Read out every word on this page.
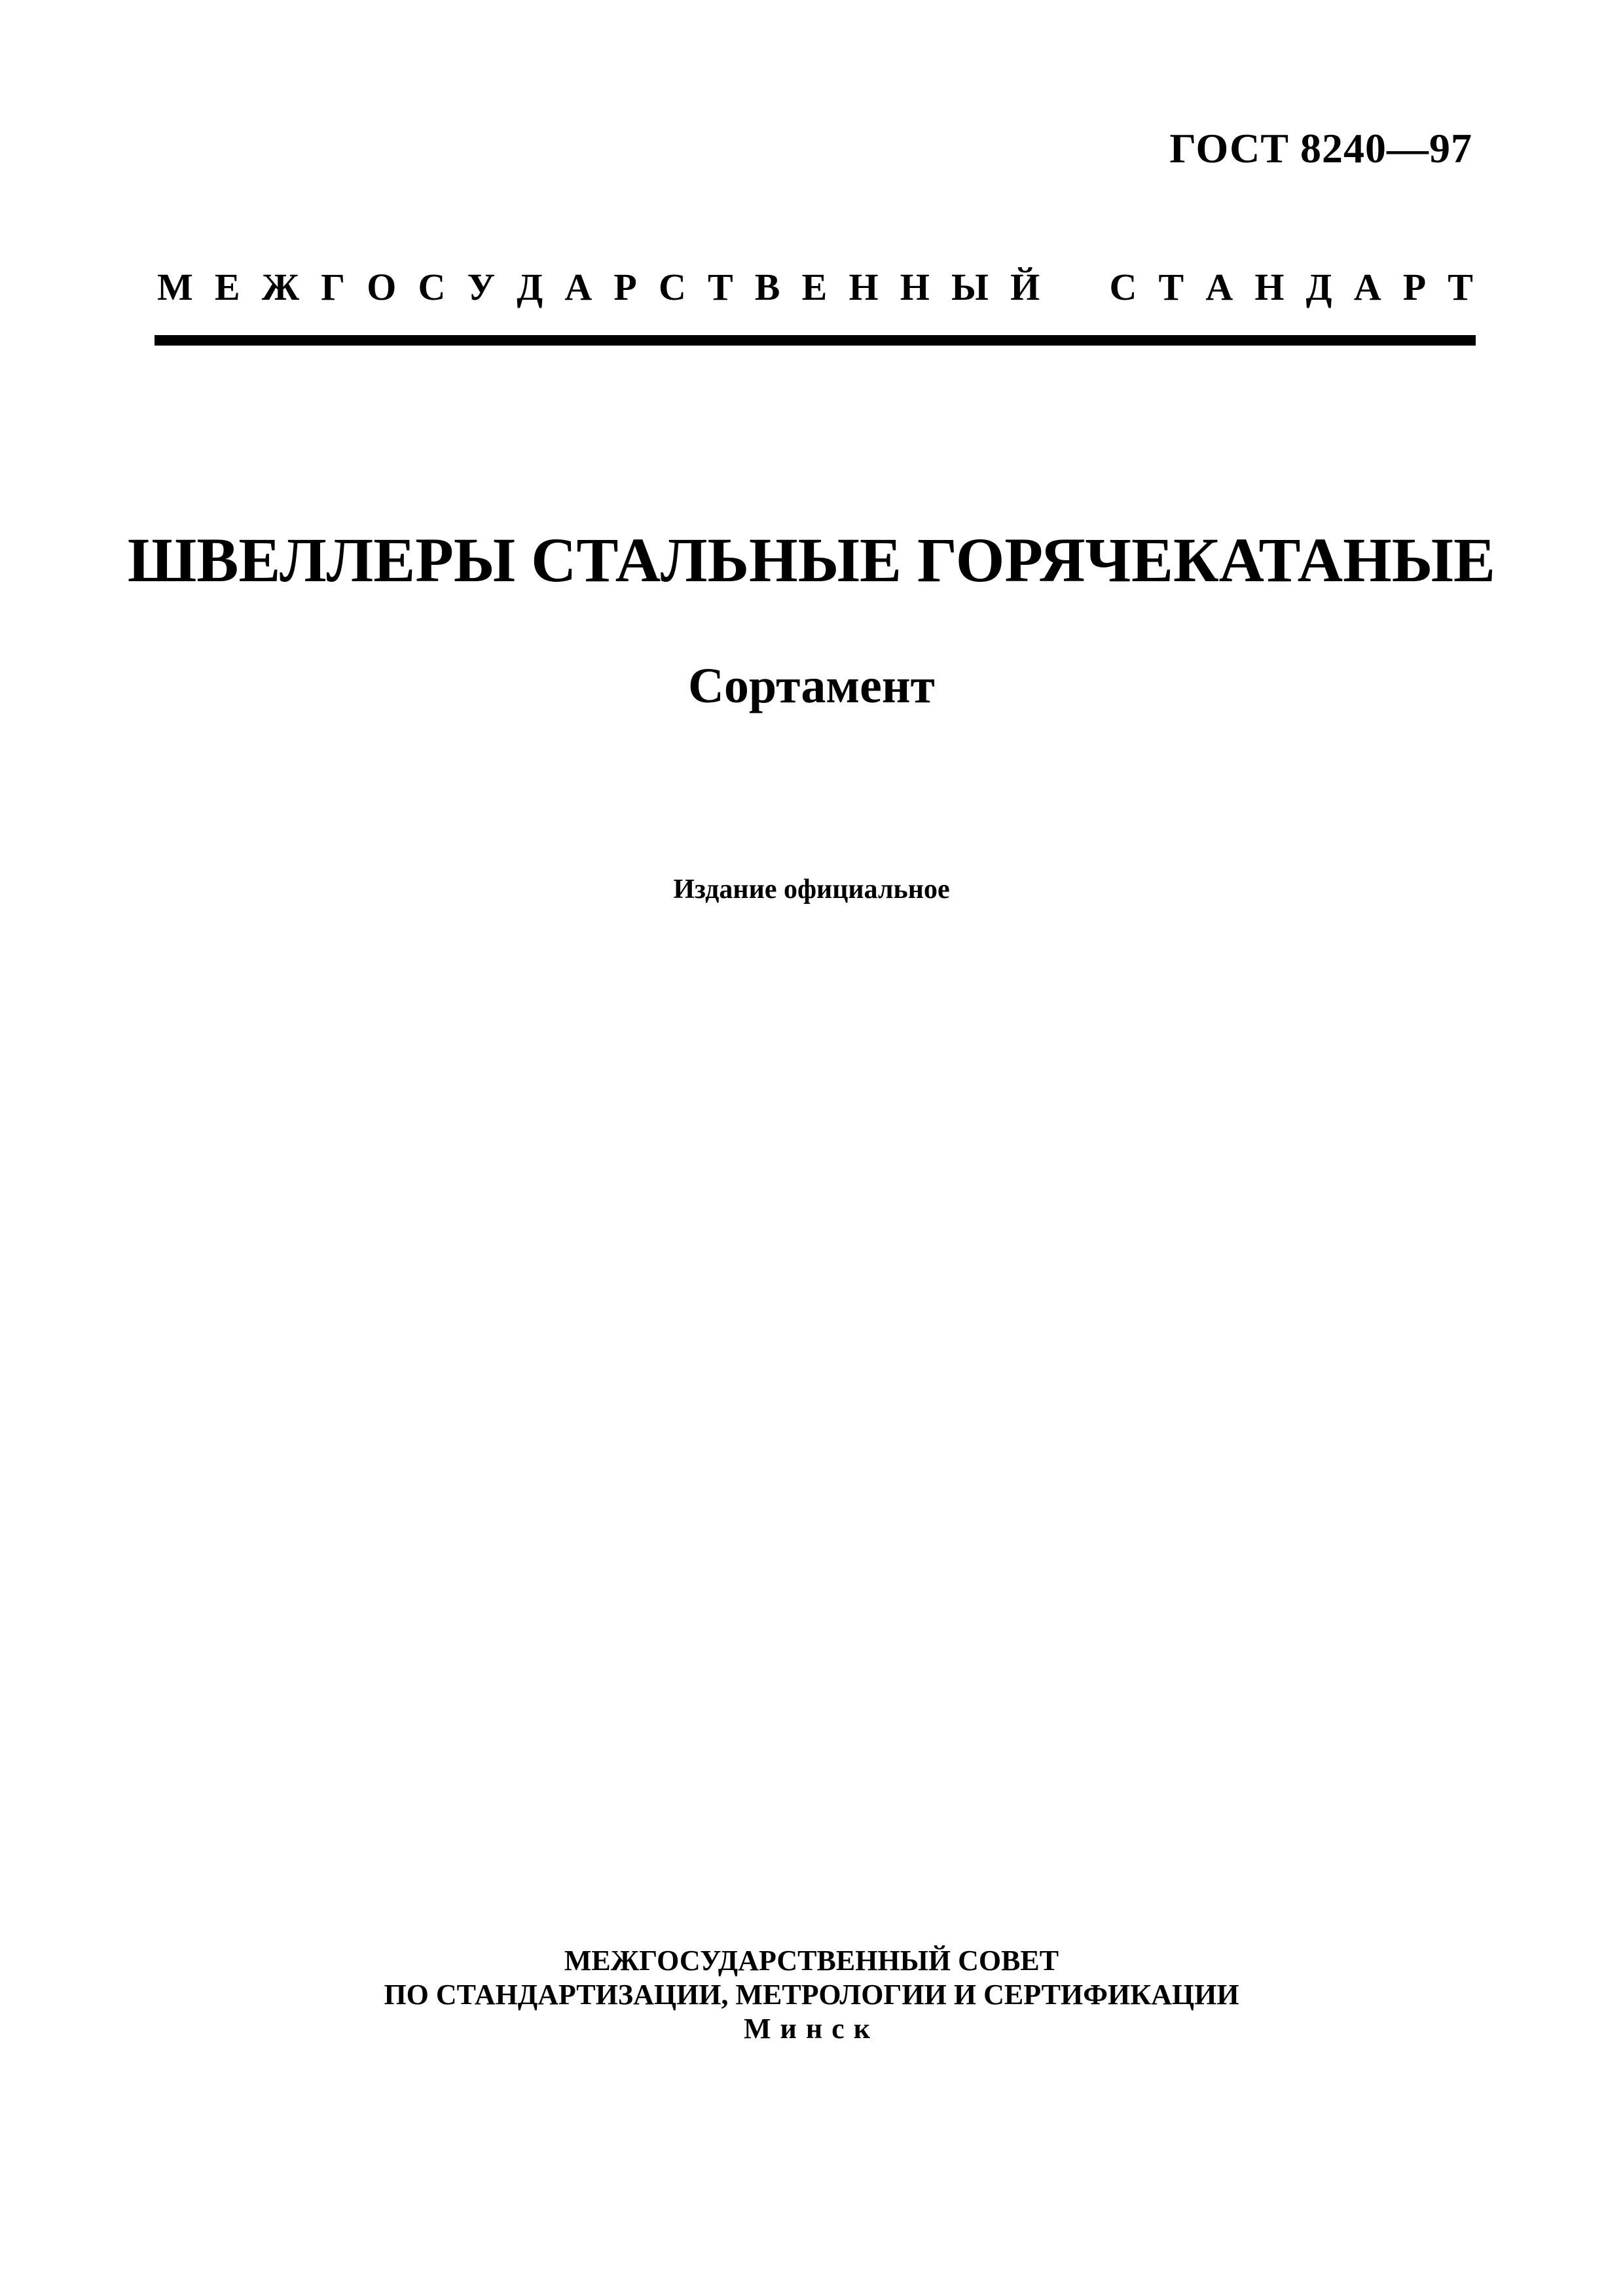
ГОСТ 8240—97
М Е Ж Г О С У Д А Р С Т В Е Н Н Ы Й С Т А Н Д А Р Т
ШВЕЛЛЕРЫ СТАЛЬНЫЕ ГОРЯЧЕКАТАНЫЕ
Сортамент
Издание официальное
МЕЖГОСУДАРСТВЕННЫЙ СОВЕТ
ПО СТАНДАРТИЗАЦИИ, МЕТРОЛОГИИ И СЕРТИФИКАЦИИ
Минск
